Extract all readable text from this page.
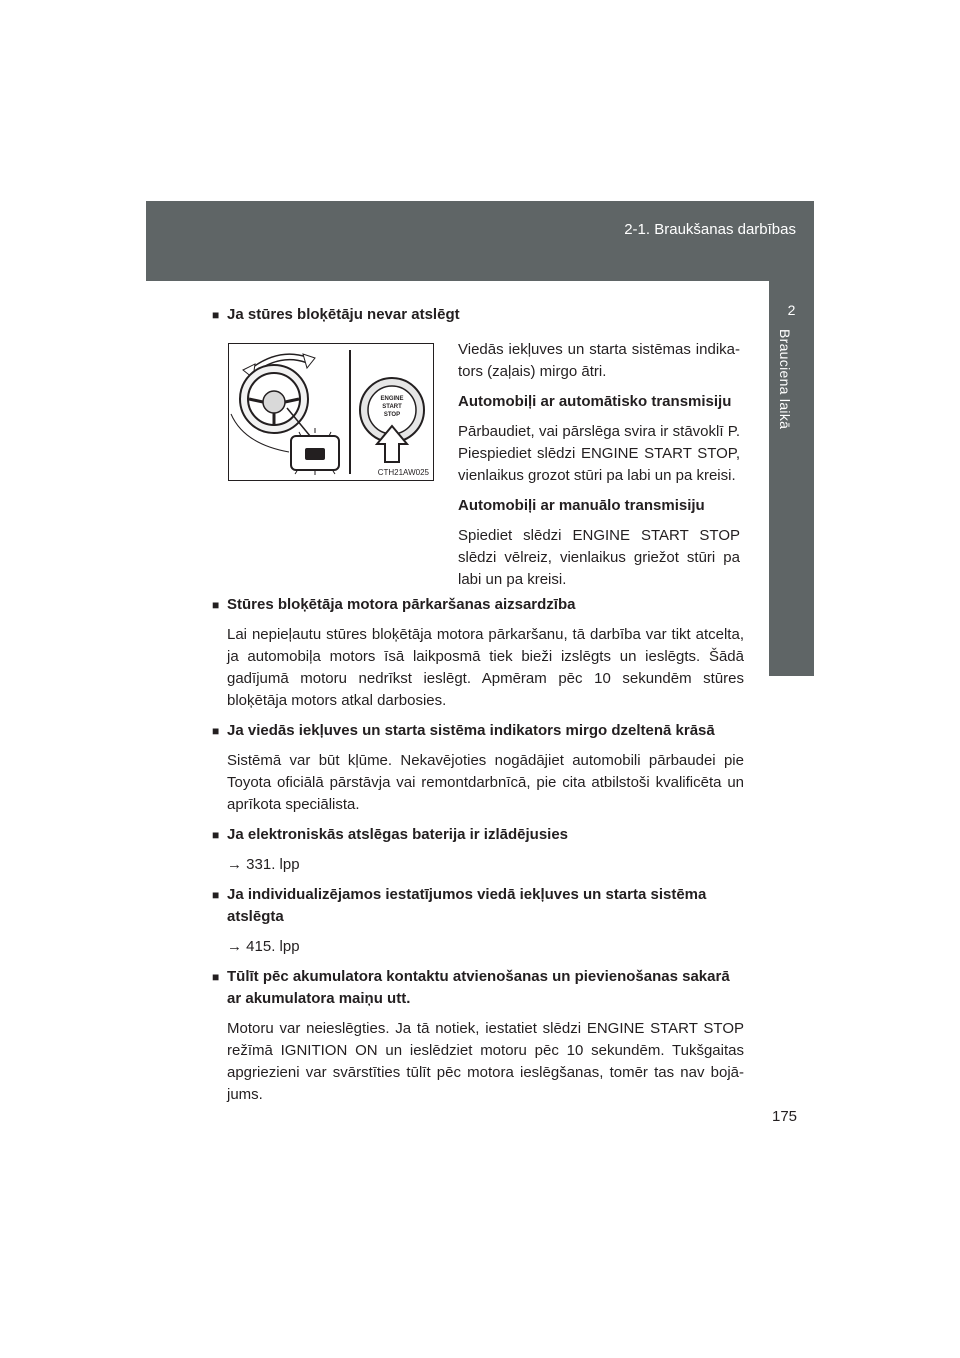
2-1. Braukšanas darbības
2
Brauciena laikā

■ Ja stūres bloķētāju nevar atslēgt

ENGINE
START
STOP
CTH21AW025

Viedās iekļuves un starta sistēmas indika-tors (zaļais) mirgo ātri.

Automobiļi ar automātisko transmisiju

Pārbaudiet, vai pārslēga svira ir stāvoklī P. Piespiediet slēdzi ENGINE START STOP, vienlaikus grozot stūri pa labi un pa kreisi.

Automobiļi ar manuālo transmisiju

Spiediet slēdzi ENGINE START STOP slēdzi vēlreiz, vienlaikus griežot stūri pa labi un pa kreisi.

■ Stūres bloķētāja motora pārkaršanas aizsardzība

Lai nepieļautu stūres bloķētāja motora pārkaršanu, tā darbība var tikt atcelta, ja automobiļa motors īsā laikposmā tiek bieži izslēgts un ieslēgts. Šādā gadījumā motoru nedrīkst ieslēgt. Apmēram pēc 10 sekundēm stūres bloķētāja motors atkal darbosies.

■ Ja viedās iekļuves un starta sistēma indikators mirgo dzeltenā krāsā

Sistēmā var būt kļūme. Nekavējoties nogādājiet automobili pārbaudei pie Toyota oficiālā pārstāvja vai remontdarbnīcā, pie cita atbilstoši kvalificēta un aprīkota speciālista.

■ Ja elektroniskās atslēgas baterija ir izlādējusies

→ 331. lpp

■ Ja individualizējamos iestatījumos viedā iekļuves un starta sistēma atslēgta

→ 415. lpp

■ Tūlīt pēc akumulatora kontaktu atvienošanas un pievienošanas sakarā ar akumulatora maiņu utt.

Motoru var neieslēgties. Ja tā notiek, iestatiet slēdzi ENGINE START STOP režīmā IGNITION ON un ieslēdziet motoru pēc 10 sekundēm. Tukšgaitas apgriezieni var svārstīties tūlīt pēc motora ieslēgšanas, tomēr tas nav bojā-jums.

175
